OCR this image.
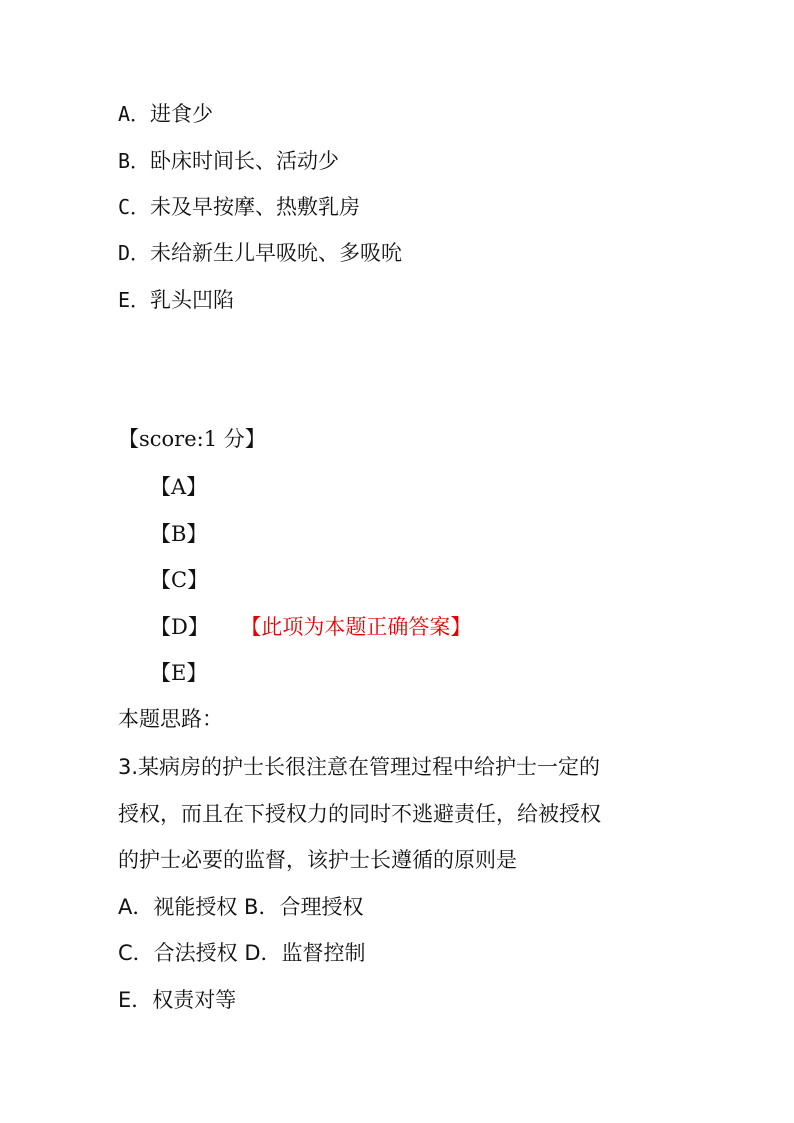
A．进食少
B．卧床时间长、活动少
C．未及早按摩、热敷乳房
D．未给新生儿早吸吮、多吸吮
E．乳头凹陷
【score:1 分】
【A】
【B】
【C】
【D】 【此项为本题正确答案】
【E】
本题思路：
3.某病房的护士长很注意在管理过程中给护士一定的
授权，而且在下授权力的同时不逃避责任，给被授权
的护士必要的监督，该护士长遵循的原则是
A．视能授权 B．合理授权
C．合法授权 D．监督控制
E．权责对等
